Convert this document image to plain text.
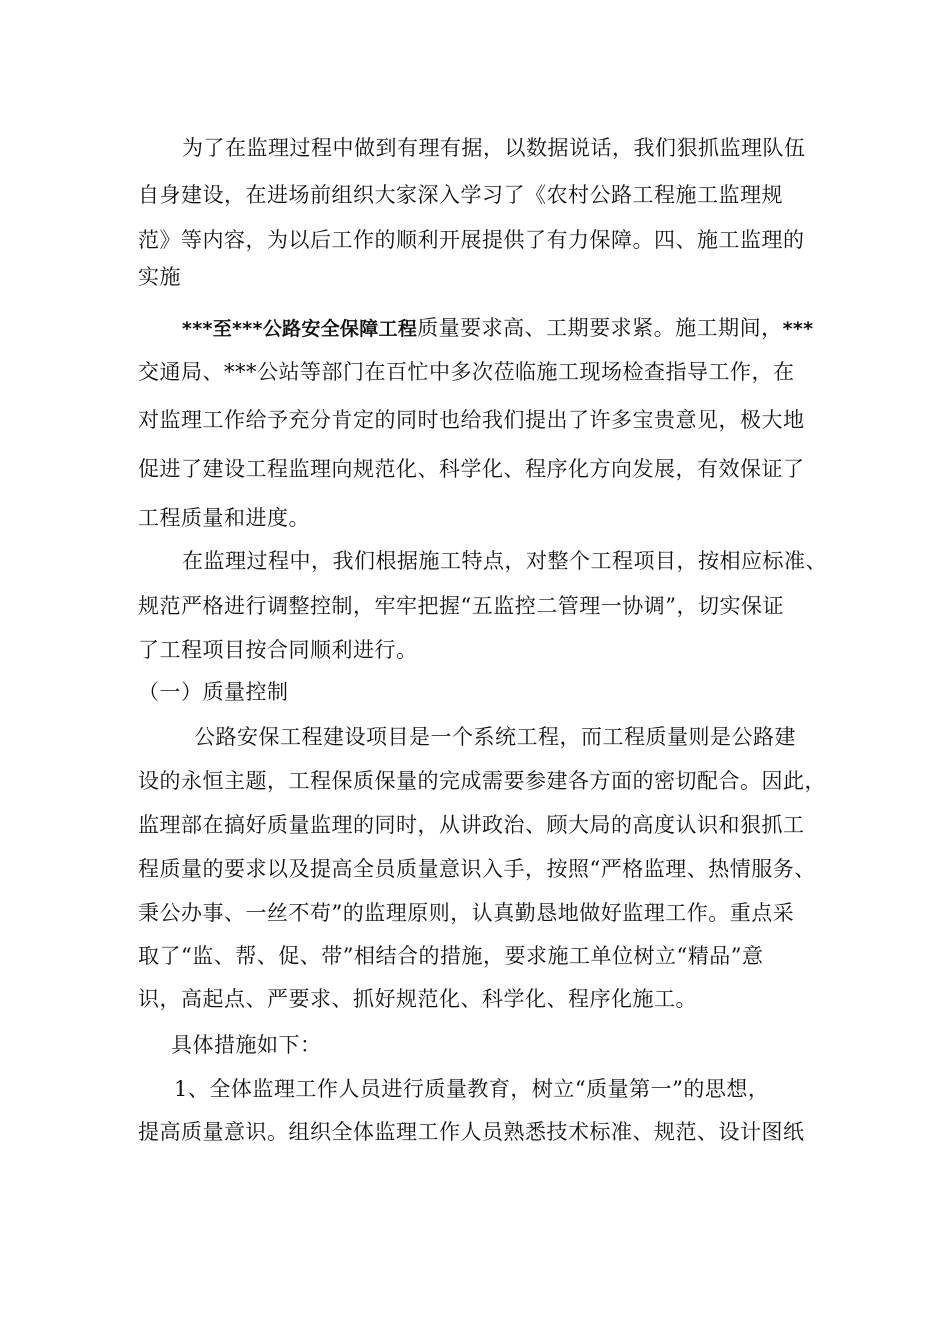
为了在监理过程中做到有理有据，以数据说话，我们狠抓监理队伍
自身建设，在进场前组织大家深入学习了《农村公路工程施工监理规
范》等内容，为以后工作的顺利开展提供了有力保障。四、施工监理的
实施
***至***公路安全保障工程质量要求高、工期要求紧。施工期间，***
交通局、***公站等部门在百忙中多次莅临施工现场检查指导工作，在
对监理工作给予充分肯定的同时也给我们提出了许多宝贵意见，极大地
促进了建设工程监理向规范化、科学化、程序化方向发展，有效保证了
工程质量和进度。
在监理过程中，我们根据施工特点，对整个工程项目，按相应标准、
规范严格进行调整控制，牢牢把握“五监控二管理一协调”，切实保证
了工程项目按合同顺利进行。
（一）质量控制
公路安保工程建设项目是一个系统工程，而工程质量则是公路建
设的永恒主题，工程保质保量的完成需要参建各方面的密切配合。因此，
监理部在搞好质量监理的同时，从讲政治、顾大局的高度认识和狠抓工
程质量的要求以及提高全员质量意识入手，按照“严格监理、热情服务、
秉公办事、一丝不苟”的监理原则，认真勤恳地做好监理工作。重点采
取了“监、帮、促、带”相结合的措施，要求施工单位树立“精品”意
识，高起点、严要求、抓好规范化、科学化、程序化施工。
具体措施如下：
1、全体监理工作人员进行质量教育，树立“质量第一”的思想，
提高质量意识。组织全体监理工作人员熟悉技术标准、规范、设计图纸
